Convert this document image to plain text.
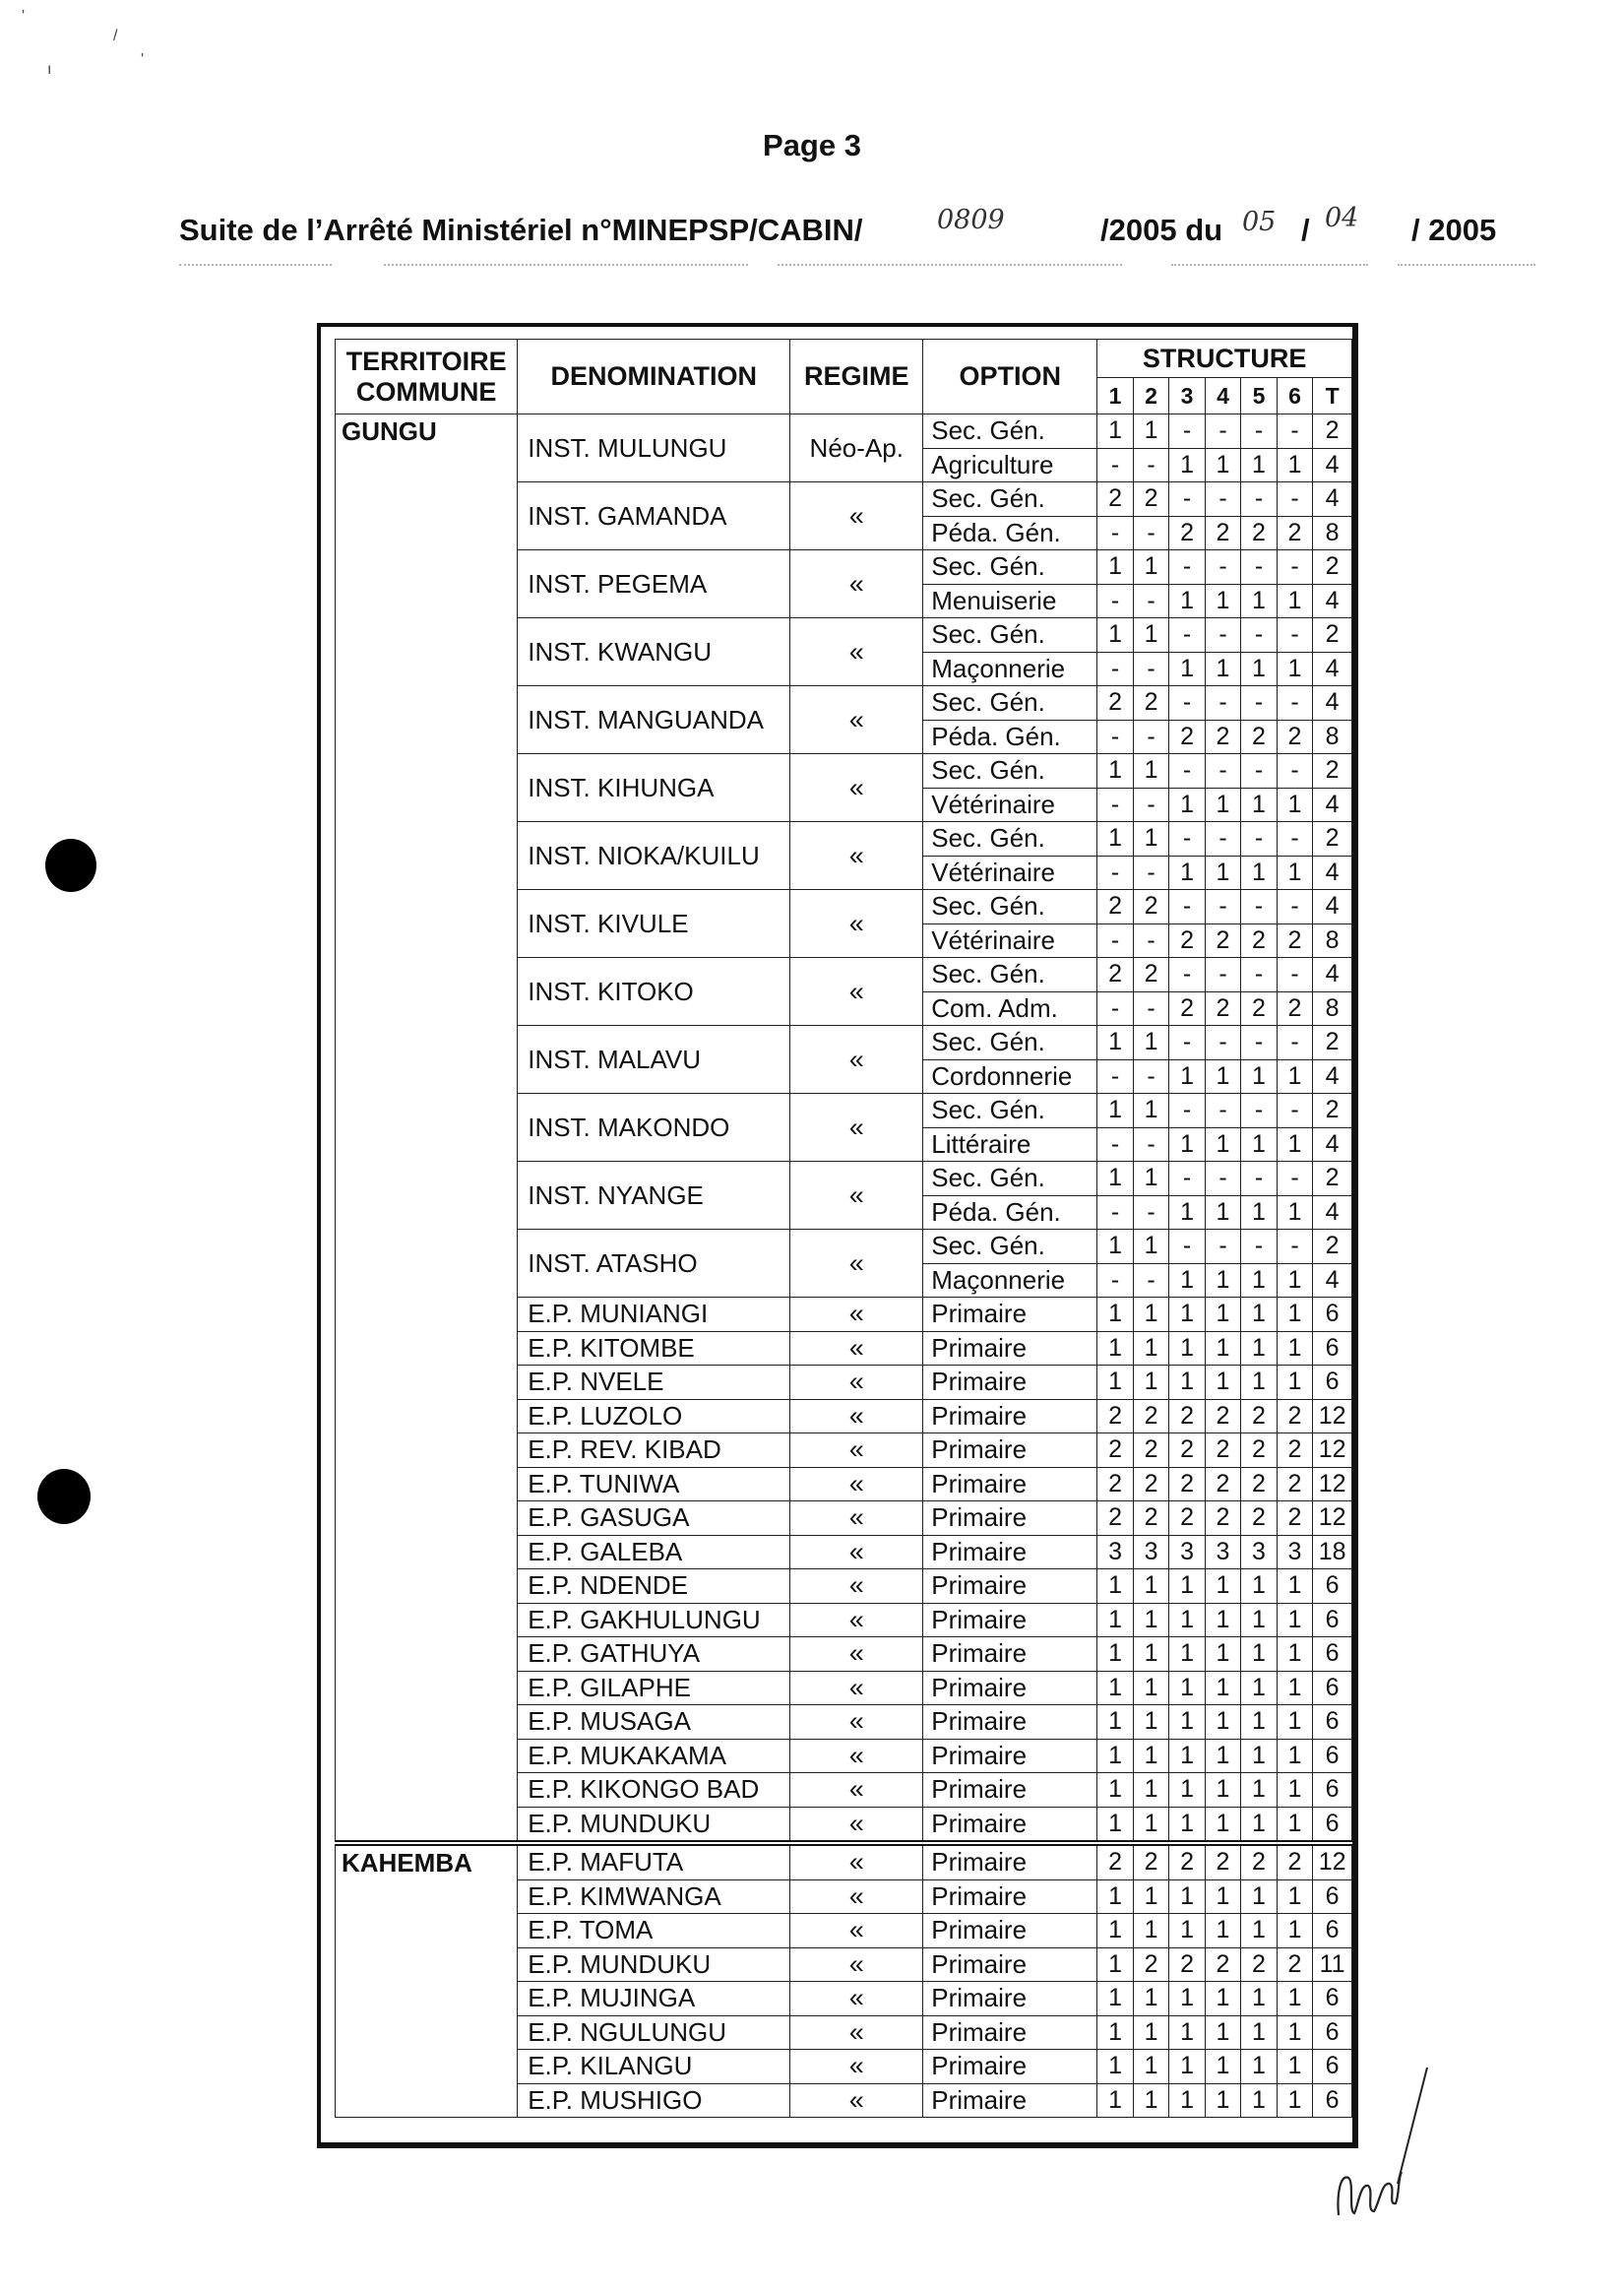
'
/
'
ı
Page 3
Suite de l’Arrêté Ministériel n°MINEPSP/CABIN/	0809	/2005 du 05 / 04 / 2005
TERRITOIRE
COMMUNE	DENOMINATION	REGIME	OPTION	STRUCTURE						
				1	2	3	4	5	6	T
GUNGU	INST. MULUNGU	Néo-Ap.	Sec. Gén.	1	1	-	-	-	-	2
			Agriculture	-	-	1	1	1	1	4
	INST. GAMANDA	«	Sec. Gén.	2	2	-	-	-	-	4
			Péda. Gén.	-	-	2	2	2	2	8
	INST. PEGEMA	«	Sec. Gén.	1	1	-	-	-	-	2
			Menuiserie	-	-	1	1	1	1	4
	INST. KWANGU	«	Sec. Gén.	1	1	-	-	-	-	2
			Maçonnerie	-	-	1	1	1	1	4
	INST. MANGUANDA	«	Sec. Gén.	2	2	-	-	-	-	4
			Péda. Gén.	-	-	2	2	2	2	8
	INST. KIHUNGA	«	Sec. Gén.	1	1	-	-	-	-	2
			Vétérinaire	-	-	1	1	1	1	4
	INST. NIOKA/KUILU	«	Sec. Gén.	1	1	-	-	-	-	2
			Vétérinaire	-	-	1	1	1	1	4
	INST. KIVULE	«	Sec. Gén.	2	2	-	-	-	-	4
			Vétérinaire	-	-	2	2	2	2	8
	INST. KITOKO	«	Sec. Gén.	2	2	-	-	-	-	4
			Com. Adm.	-	-	2	2	2	2	8
	INST. MALAVU	«	Sec. Gén.	1	1	-	-	-	-	2
			Cordonnerie	-	-	1	1	1	1	4
	INST. MAKONDO	«	Sec. Gén.	1	1	-	-	-	-	2
			Littéraire	-	-	1	1	1	1	4
	INST. NYANGE	«	Sec. Gén.	1	1	-	-	-	-	2
			Péda. Gén.	-	-	1	1	1	1	4
	INST. ATASHO	«	Sec. Gén.	1	1	-	-	-	-	2
			Maçonnerie	-	-	1	1	1	1	4
	E.P. MUNIANGI	«	Primaire	1	1	1	1	1	1	6
	E.P. KITOMBE	«	Primaire	1	1	1	1	1	1	6
	E.P. NVELE	«	Primaire	1	1	1	1	1	1	6
	E.P. LUZOLO	«	Primaire	2	2	2	2	2	2	12
	E.P. REV. KIBAD	«	Primaire	2	2	2	2	2	2	12
	E.P. TUNIWA	«	Primaire	2	2	2	2	2	2	12
	E.P. GASUGA	«	Primaire	2	2	2	2	2	2	12
	E.P. GALEBA	«	Primaire	3	3	3	3	3	3	18
	E.P. NDENDE	«	Primaire	1	1	1	1	1	1	6
	E.P. GAKHULUNGU	«	Primaire	1	1	1	1	1	1	6
	E.P. GATHUYA	«	Primaire	1	1	1	1	1	1	6
	E.P. GILAPHE	«	Primaire	1	1	1	1	1	1	6
	E.P. MUSAGA	«	Primaire	1	1	1	1	1	1	6
	E.P. MUKAKAMA	«	Primaire	1	1	1	1	1	1	6
	E.P. KIKONGO BAD	«	Primaire	1	1	1	1	1	1	6
	E.P. MUNDUKU	«	Primaire	1	1	1	1	1	1	6
KAHEMBA	E.P. MAFUTA	«	Primaire	2	2	2	2	2	2	12
	E.P. KIMWANGA	«	Primaire	1	1	1	1	1	1	6
	E.P. TOMA	«	Primaire	1	1	1	1	1	1	6
	E.P. MUNDUKU	«	Primaire	1	2	2	2	2	2	11
	E.P. MUJINGA	«	Primaire	1	1	1	1	1	1	6
	E.P. NGULUNGU	«	Primaire	1	1	1	1	1	1	6
	E.P. KILANGU	«	Primaire	1	1	1	1	1	1	6
	E.P. MUSHIGO	«	Primaire	1	1	1	1	1	1	6
